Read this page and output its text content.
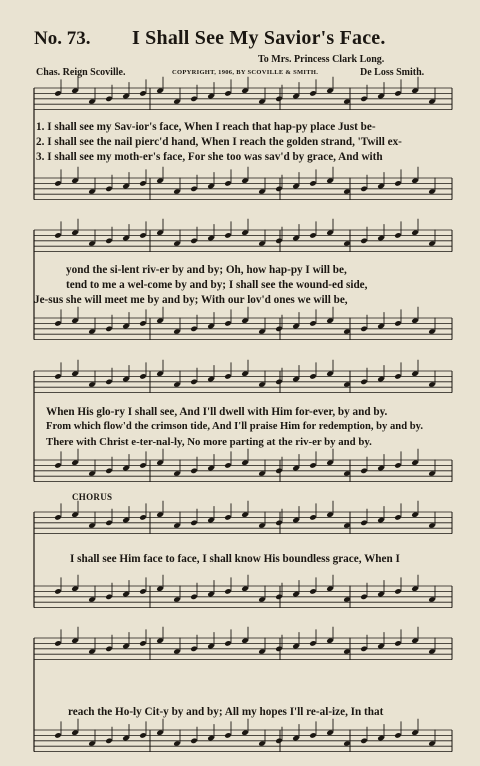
No. 73. I Shall See My Savior's Face.
To Mrs. Princess Clark Long.
Chas. Reign Scoville.	COPYRIGHT, 1906, BY SCOVILLE & SMITH.	De Loss Smith.
1. I shall see my Sav-ior's face, When I reach that hap-py place Just be-
2. I shall see the nail pierc'd hand, When I reach the golden strand, 'Twill ex-
3. I shall see my moth-er's face, For she too was sav'd by grace, And with
yond the si-lent riv-er by and by; Oh, how hap-py I will be,
tend to me a wel-come by and by; I shall see the wound-ed side,
Je-sus she will meet me by and by; With our lov'd ones we will be,
When His glo-ry I shall see, And I'll dwell with Him for-ever, by and by.
From which flow'd the crimson tide, And I'll praise Him for redemption, by and by.
There with Christ e-ter-nal-ly, No more parting at the riv-er by and by.
CHORUS
I shall see Him face to face, I shall know His boundless grace, When I
reach the Ho-ly Cit-y by and by; All my hopes I'll re-al-ize, In that
